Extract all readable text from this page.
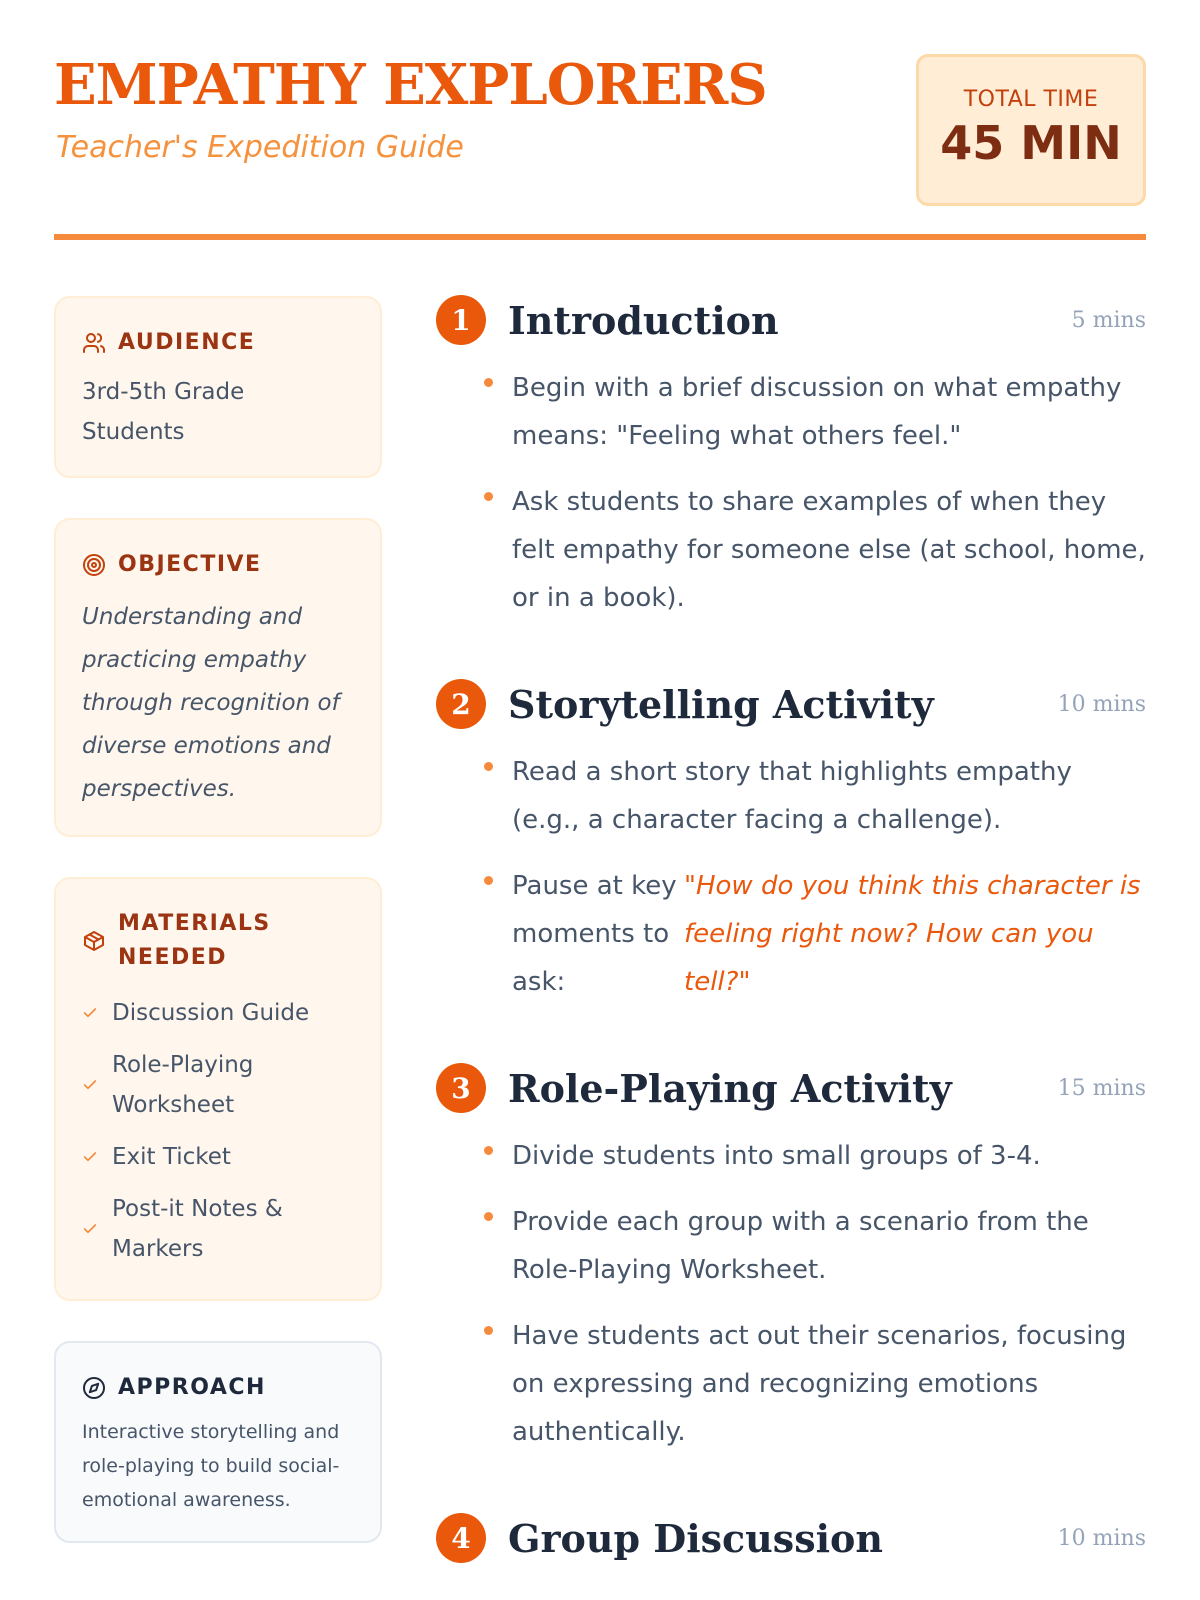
EMPATHY EXPLORERS
Teacher's Expedition Guide
TOTAL TIME
45 MIN
AUDIENCE

3rd-5th Grade Students

OBJECTIVE

Understanding and practicing empathy through recognition of diverse emotions and perspectives.

MATERIALS NEEDED
Discussion Guide
Role-Playing Worksheet
Exit Ticket
Post-it Notes & Markers
APPROACH

Interactive storytelling and role-playing to build social-emotional awareness.

1 Introduction	5 mins
Begin with a brief discussion on what empathy means: "Feeling what others feel."
Ask students to share examples of when they felt empathy for someone else (at school, home, or in a book).
2 Storytelling Activity	10 mins
Read a short story that highlights empathy (e.g., a character facing a challenge).
Pause at key moments to ask:
"How do you think this character is feeling right now? How can you tell?"
3 Role-Playing Activity	15 mins
Divide students into small groups of 3-4.
Provide each group with a scenario from the Role-Playing Worksheet.
Have students act out their scenarios, focusing on expressing and recognizing emotions authentically.
4 Group Discussion	10 mins
